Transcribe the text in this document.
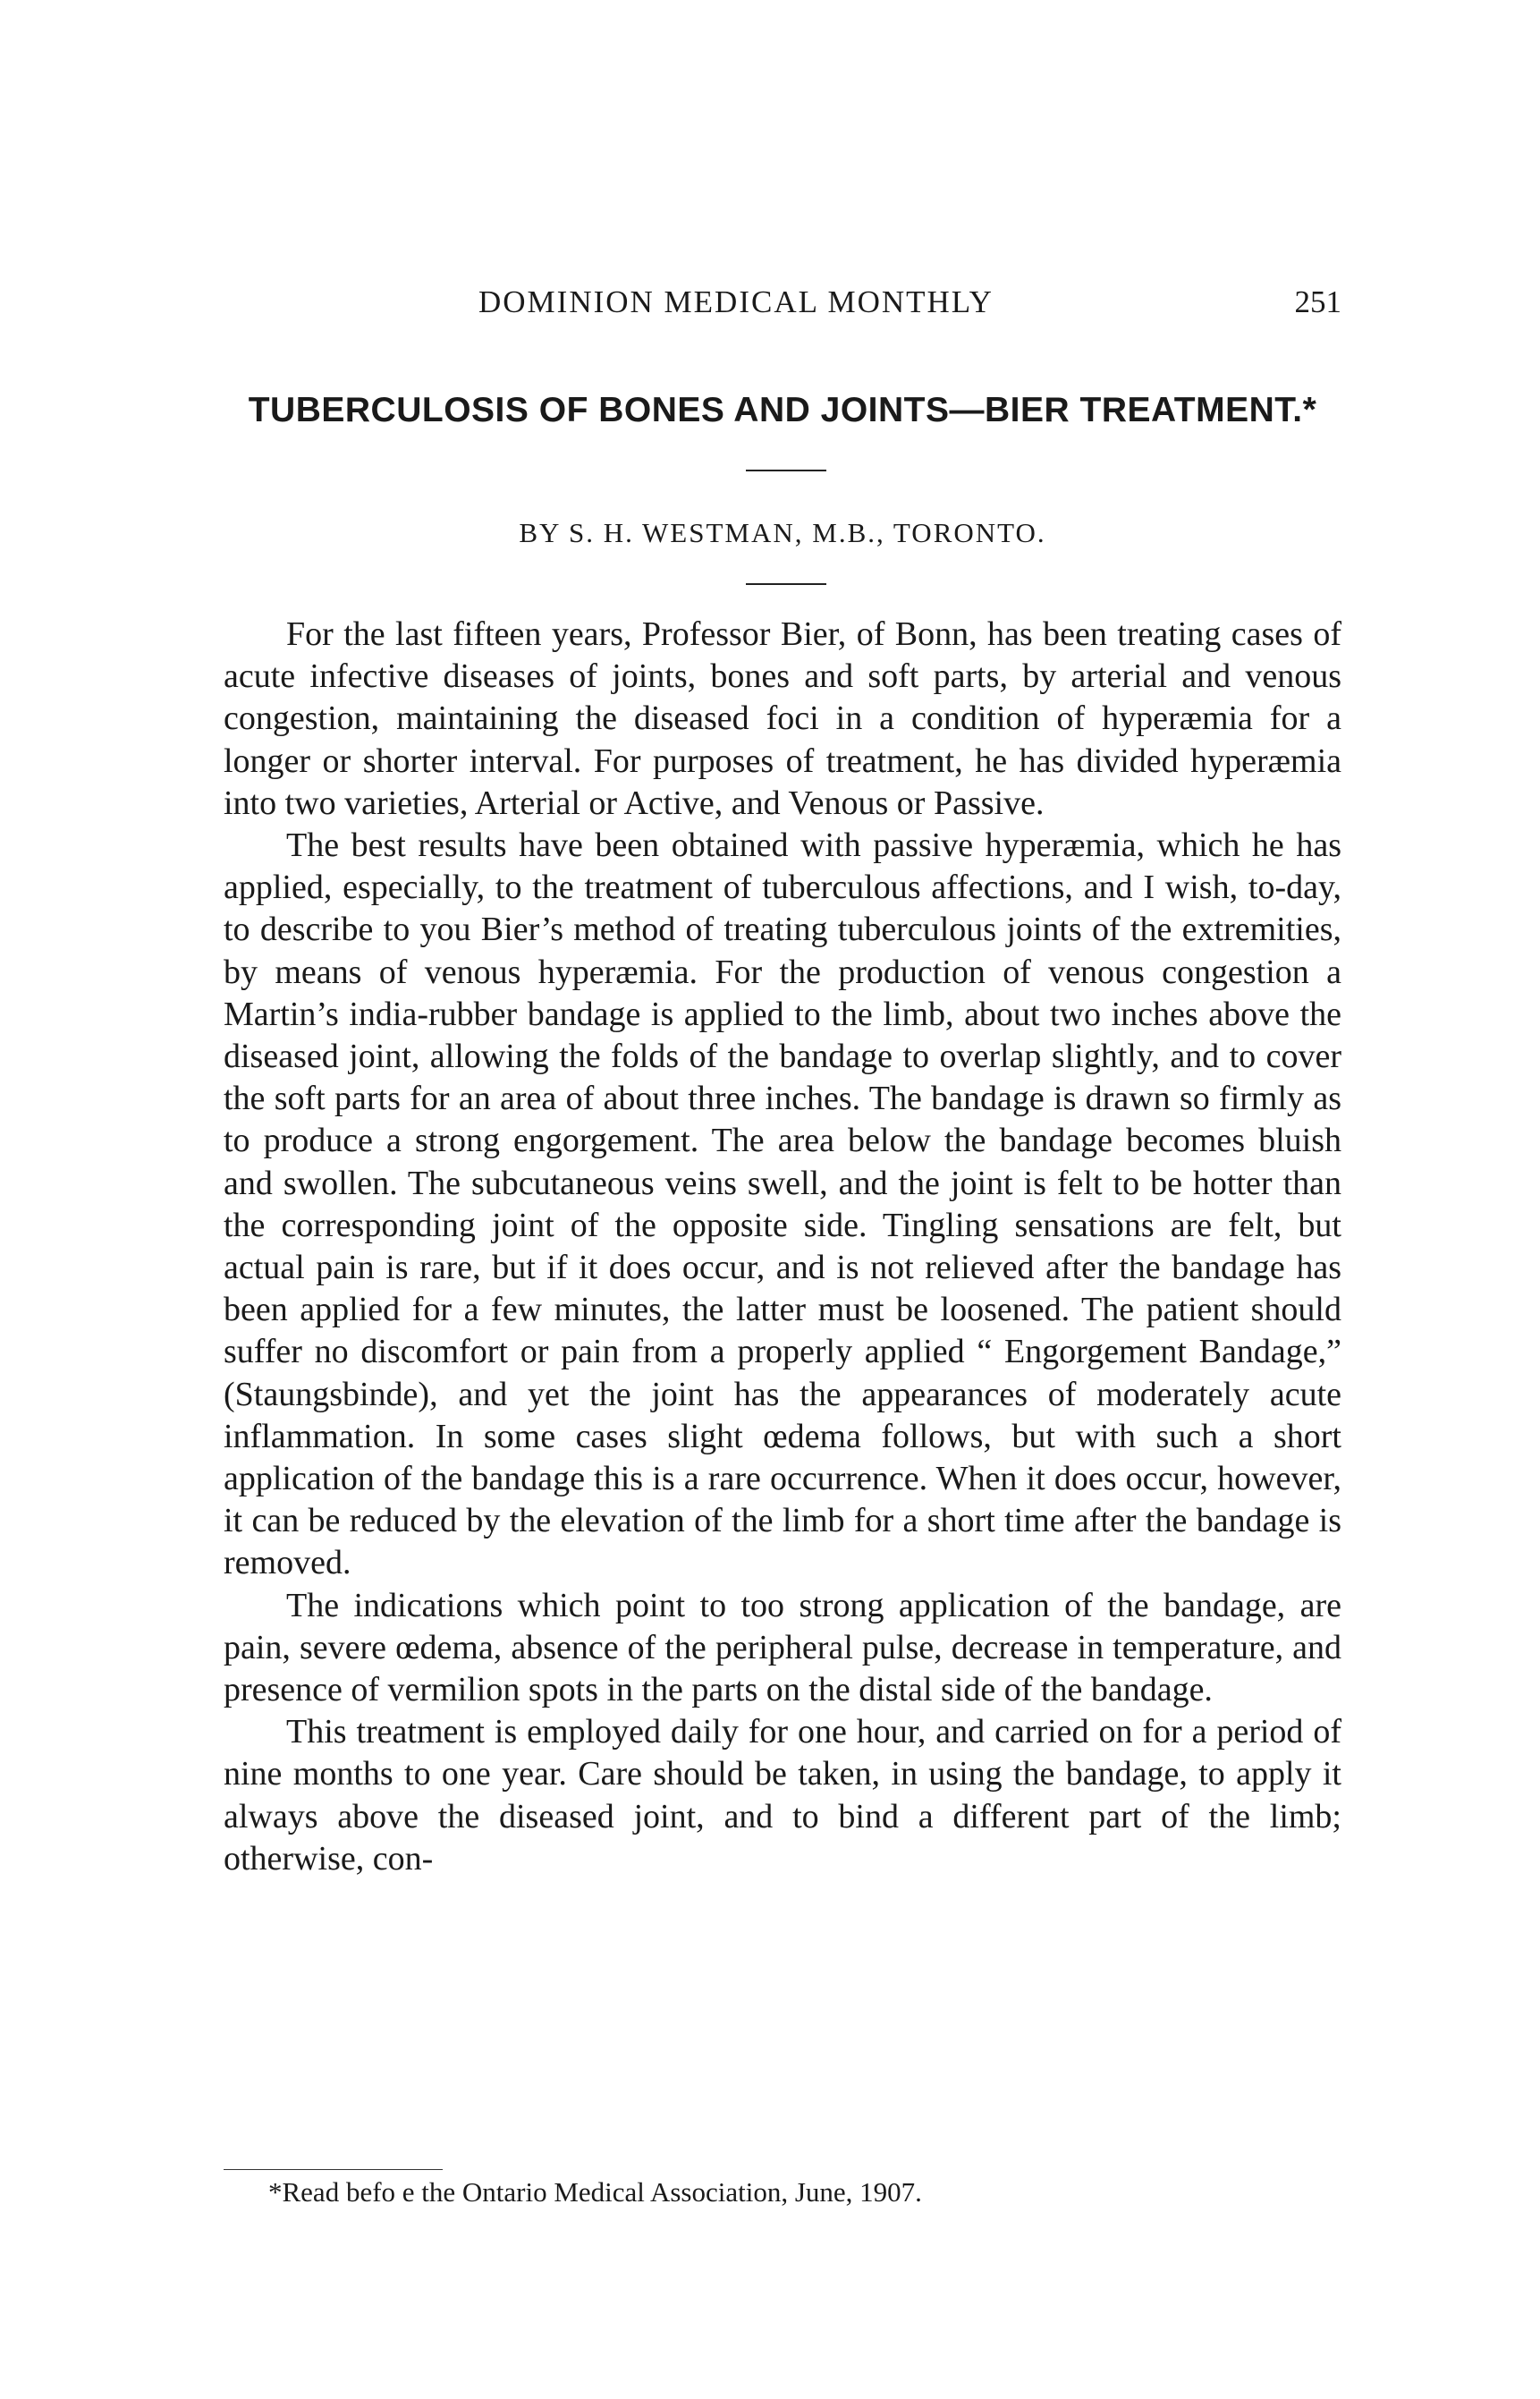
DOMINION MEDICAL MONTHLY	251
TUBERCULOSIS OF BONES AND JOINTS—BIER TREATMENT.*
BY S. H. WESTMAN, M.B., TORONTO.

For the last fifteen years, Professor Bier, of Bonn, has been treating cases of acute infective diseases of joints, bones and soft parts, by arterial and venous congestion, maintaining the diseased foci in a condition of hyperæmia for a longer or shorter interval. For purposes of treatment, he has divided hyperæmia into two varieties, Arterial or Active, and Venous or Passive.

The best results have been obtained with passive hyperæmia, which he has applied, especially, to the treatment of tuberculous affections, and I wish, to-day, to describe to you Bier’s method of treating tuberculous joints of the extremities, by means of venous hyperæmia. For the production of venous congestion a Martin’s india-rubber bandage is applied to the limb, about two inches above the diseased joint, allowing the folds of the bandage to overlap slightly, and to cover the soft parts for an area of about three inches. The bandage is drawn so firmly as to produce a strong engorgement. The area below the bandage becomes bluish and swollen. The subcutaneous veins swell, and the joint is felt to be hotter than the corresponding joint of the opposite side. Tingling sensations are felt, but actual pain is rare, but if it does occur, and is not relieved after the bandage has been applied for a few minutes, the latter must be loosened. The patient should suffer no discomfort or pain from a properly applied “ Engorgement Bandage,” (Staungsbinde), and yet the joint has the appearances of moderately acute inflammation. In some cases slight œdema follows, but with such a short application of the bandage this is a rare occurrence. When it does occur, however, it can be reduced by the elevation of the limb for a short time after the bandage is removed.

The indications which point to too strong application of the bandage, are pain, severe œdema, absence of the peripheral pulse, decrease in temperature, and presence of vermilion spots in the parts on the distal side of the bandage.

This treatment is employed daily for one hour, and carried on for a period of nine months to one year. Care should be taken, in using the bandage, to apply it always above the diseased joint, and to bind a different part of the limb; otherwise, con-

*Read befo e the Ontario Medical Association, June, 1907.
